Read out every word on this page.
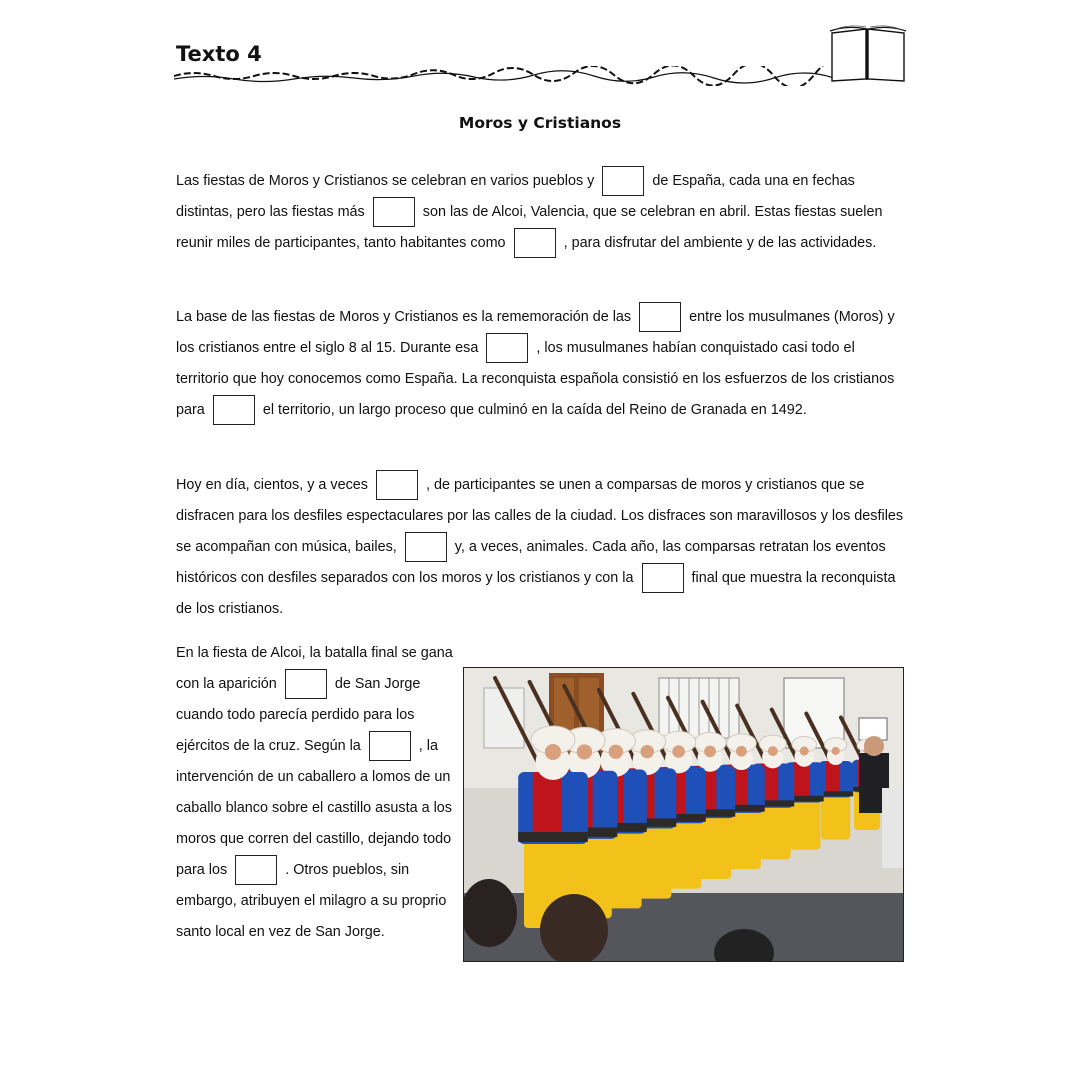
Texto 4
Moros y Cristianos
Las fiestas de Moros y Cristianos se celebran en varios pueblos y	de España, cada una en fechas distintas, pero las fiestas más	son las de Alcoi, Valencia, que se celebran en abril. Estas fiestas suelen reunir miles de participantes, tanto habitantes como	, para disfrutar del ambiente y de las actividades.
La base de las fiestas de Moros y Cristianos es la rememoración de las	entre los musulmanes (Moros) y los cristianos entre el siglo 8 al 15. Durante esa	, los musulmanes habían conquistado casi todo el territorio que hoy conocemos como España. La reconquista española consistió en los esfuerzos de los cristianos para	el territorio, un largo proceso que culminó en la caída del Reino de Granada en 1492.
Hoy en día, cientos, y a veces	, de participantes se unen a comparsas de moros y cristianos que se disfracen para los desfiles espectaculares por las calles de la ciudad. Los disfraces son maravillosos y los desfiles se acompañan con música, bailes,	y, a veces, animales. Cada año, las comparsas retratan los eventos históricos con desfiles separados con los moros y los cristianos y con la	final que muestra la reconquista de los cristianos.
En la fiesta de Alcoi, la batalla final se gana con la aparición	de San Jorge cuando todo parecía perdido para los ejércitos de la cruz. Según la	, la intervención de un caballero a lomos de un caballo blanco sobre el castillo asusta a los moros que corren del castillo, dejando todo para los	. Otros pueblos, sin embargo, atribuyen el milagro a su proprio santo local en vez de San Jorge.
